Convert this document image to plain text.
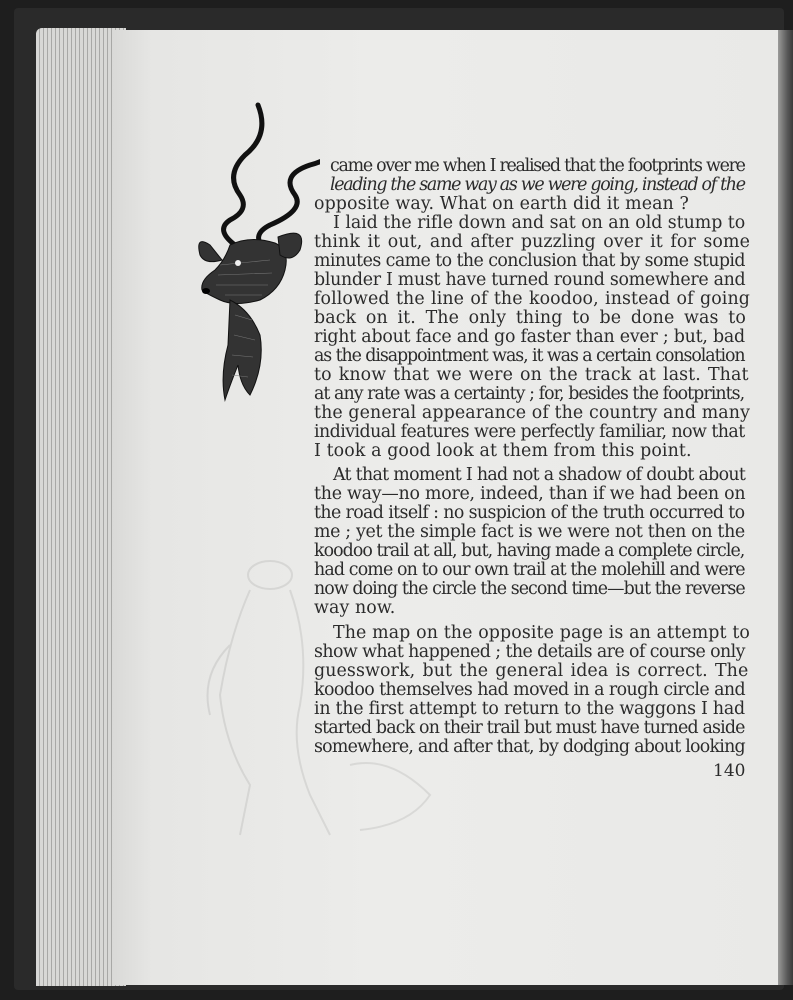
came over me when I realised that the footprints were

leading the same way as we were going, instead of the

opposite way. What on earth did it mean ?

I laid the rifle down and sat on an old stump to

think it out, and after puzzling over it for some

minutes came to the conclusion that by some stupid

blunder I must have turned round somewhere and

followed the line of the koodoo, instead of going

back on it. The only thing to be done was to

right about face and go faster than ever ; but, bad

as the disappointment was, it was a certain consolation

to know that we were on the track at last. That

at any rate was a certainty ; for, besides the footprints,

the general appearance of the country and many

individual features were perfectly familiar, now that

I took a good look at them from this point.

At that moment I had not a shadow of doubt about

the way—no more, indeed, than if we had been on

the road itself : no suspicion of the truth occurred to

me ; yet the simple fact is we were not then on the

koodoo trail at all, but, having made a complete circle,

had come on to our own trail at the molehill and were

now doing the circle the second time—but the reverse

way now.

The map on the opposite page is an attempt to

show what happened ; the details are of course only

guesswork, but the general idea is correct. The

koodoo themselves had moved in a rough circle and

in the first attempt to return to the waggons I had

started back on their trail but must have turned aside

somewhere, and after that, by dodging about looking

140
